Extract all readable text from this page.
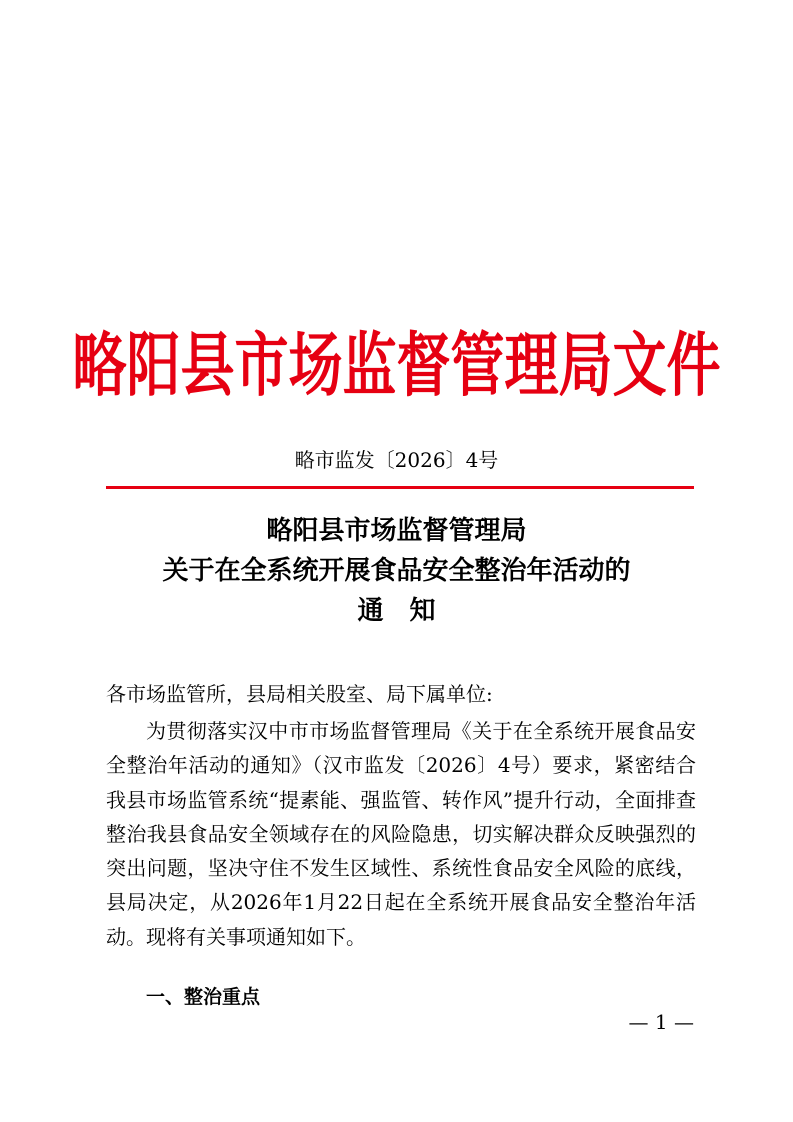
略阳县市场监督管理局文件
略市监发〔2026〕4号
略阳县市场监督管理局
关于在全系统开展食品安全整治年活动的
通　知
各市场监管所，县局相关股室、局下属单位:

为贯彻落实汉中市市场监督管理局《关于在全系统开展食品安全整治年活动的通知》（汉市监发〔2026〕4号）要求，紧密结合我县市场监管系统“提素能、强监管、转作风”提升行动，全面排查整治我县食品安全领域存在的风险隐患，切实解决群众反映强烈的突出问题，坚决守住不发生区域性、系统性食品安全风险的底线，县局决定，从2026年1月22日起在全系统开展食品安全整治年活动。现将有关事项通知如下。

一、整治重点
— 1 —
